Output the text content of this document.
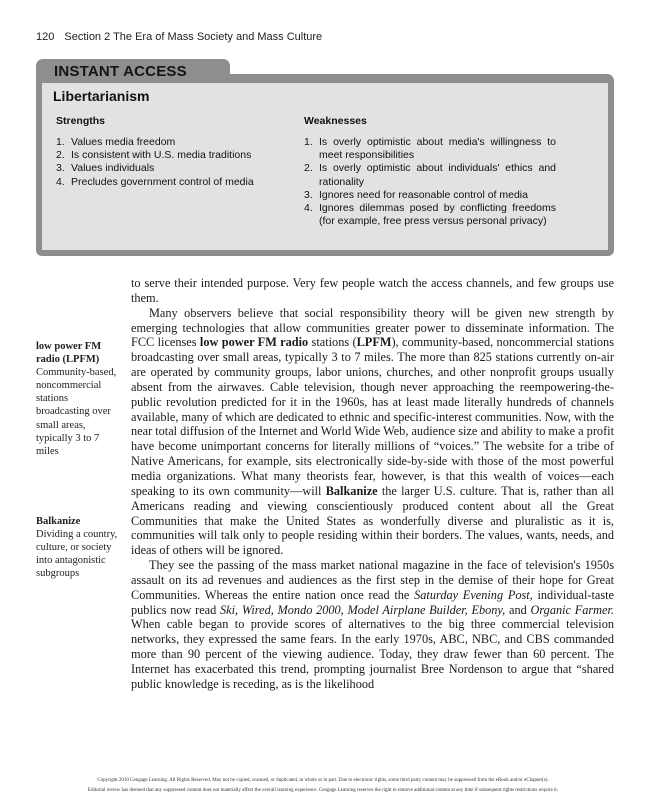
120 Section 2 The Era of Mass Society and Mass Culture
INSTANT ACCESS
Libertarianism
Strengths	Weaknesses
1. Values media freedom
2. Is consistent with U.S. media traditions
3. Values individuals
4. Precludes government control of media
1. Is overly optimistic about media's willingness to meet responsibilities
2. Is overly optimistic about individuals' ethics and rationality
3. Ignores need for reasonable control of media
4. Ignores dilemmas posed by conflicting freedoms (for example, free press versus personal privacy)
low power FM radio (LPFM)
Community-based, noncommercial stations broadcasting over small areas, typically 3 to 7 miles
Balkanize
Dividing a country, culture, or society into antagonistic subgroups

to serve their intended purpose. Very few people watch the access channels, and few groups use them.

Many observers believe that social responsibility theory will be given new strength by emerging technologies that allow communities greater power to disseminate information. The FCC licenses low power FM radio stations (LPFM), community-based, noncommercial stations broadcasting over small areas, typically 3 to 7 miles. The more than 825 stations currently on-air are operated by community groups, labor unions, churches, and other nonprofit groups usually absent from the airwaves. Cable television, though never approaching the reempowering-the-public revolution predicted for it in the 1960s, has at least made literally hundreds of channels available, many of which are dedicated to ethnic and specific-interest communities. Now, with the near total diffusion of the Internet and World Wide Web, audience size and ability to make a profit have become unimportant concerns for literally millions of “voices.” The website for a tribe of Native Americans, for example, sits electronically side-by-side with those of the most powerful media organizations. What many theorists fear, however, is that this wealth of voices—each speaking to its own community—will Balkanize the larger U.S. culture. That is, rather than all Americans reading and viewing conscientiously produced content about all the Great Communities that make the United States as wonderfully diverse and pluralistic as it is, communities will talk only to people residing within their borders. The values, wants, needs, and ideas of others will be ignored.

They see the passing of the mass market national magazine in the face of television's 1950s assault on its ad revenues and audiences as the first step in the demise of their hope for Great Communities. Whereas the entire nation once read the Saturday Evening Post, individual-taste publics now read Ski, Wired, Mondo 2000, Model Airplane Builder, Ebony, and Organic Farmer. When cable began to provide scores of alternatives to the big three commercial television networks, they expressed the same fears. In the early 1970s, ABC, NBC, and CBS commanded more than 90 percent of the viewing audience. Today, they draw fewer than 60 percent. The Internet has exacerbated this trend, prompting journalist Bree Nordenson to argue that “shared public knowledge is receding, as is the likelihood

Copyright 2010 Cengage Learning. All Rights Reserved. May not be copied, scanned, or duplicated, in whole or in part. Due to electronic rights, some third party content may be suppressed from the eBook and/or eChapter(s).
Editorial review has deemed that any suppressed content does not materially affect the overall learning experience. Cengage Learning reserves the right to remove additional content at any time if subsequent rights restrictions require it.
